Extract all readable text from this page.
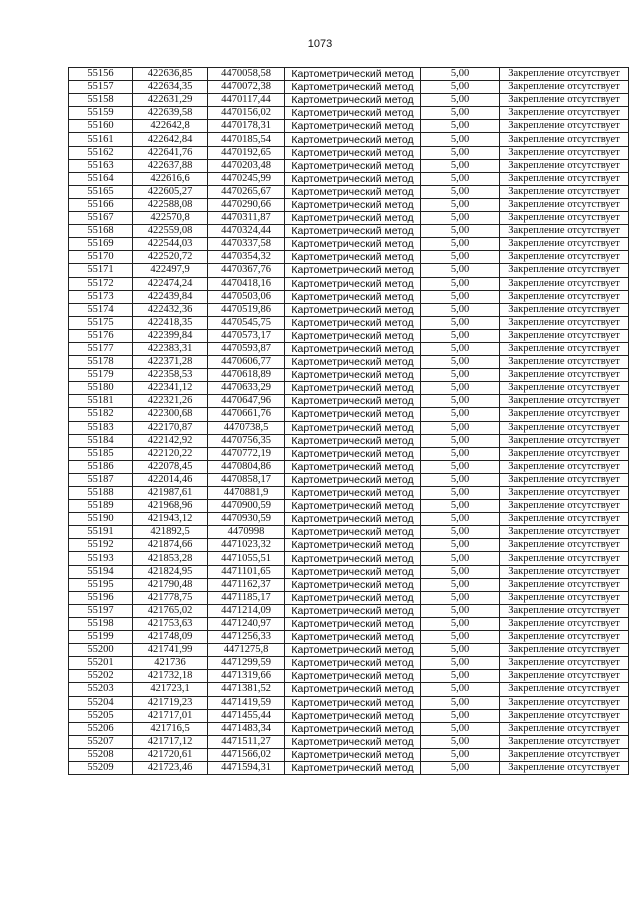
1073
55156	422636,85	4470058,58	Картометрический метод	5,00	Закрепление отсутствует
55157	422634,35	4470072,38	Картометрический метод	5,00	Закрепление отсутствует
55158	422631,29	4470117,44	Картометрический метод	5,00	Закрепление отсутствует
55159	422639,58	4470156,02	Картометрический метод	5,00	Закрепление отсутствует
55160	422642,8	4470178,31	Картометрический метод	5,00	Закрепление отсутствует
55161	422642,84	4470185,54	Картометрический метод	5,00	Закрепление отсутствует
55162	422641,76	4470192,65	Картометрический метод	5,00	Закрепление отсутствует
55163	422637,88	4470203,48	Картометрический метод	5,00	Закрепление отсутствует
55164	422616,6	4470245,99	Картометрический метод	5,00	Закрепление отсутствует
55165	422605,27	4470265,67	Картометрический метод	5,00	Закрепление отсутствует
55166	422588,08	4470290,66	Картометрический метод	5,00	Закрепление отсутствует
55167	422570,8	4470311,87	Картометрический метод	5,00	Закрепление отсутствует
55168	422559,08	4470324,44	Картометрический метод	5,00	Закрепление отсутствует
55169	422544,03	4470337,58	Картометрический метод	5,00	Закрепление отсутствует
55170	422520,72	4470354,32	Картометрический метод	5,00	Закрепление отсутствует
55171	422497,9	4470367,76	Картометрический метод	5,00	Закрепление отсутствует
55172	422474,24	4470418,16	Картометрический метод	5,00	Закрепление отсутствует
55173	422439,84	4470503,06	Картометрический метод	5,00	Закрепление отсутствует
55174	422432,36	4470519,86	Картометрический метод	5,00	Закрепление отсутствует
55175	422418,35	4470545,75	Картометрический метод	5,00	Закрепление отсутствует
55176	422399,84	4470573,17	Картометрический метод	5,00	Закрепление отсутствует
55177	422383,31	4470593,87	Картометрический метод	5,00	Закрепление отсутствует
55178	422371,28	4470606,77	Картометрический метод	5,00	Закрепление отсутствует
55179	422358,53	4470618,89	Картометрический метод	5,00	Закрепление отсутствует
55180	422341,12	4470633,29	Картометрический метод	5,00	Закрепление отсутствует
55181	422321,26	4470647,96	Картометрический метод	5,00	Закрепление отсутствует
55182	422300,68	4470661,76	Картометрический метод	5,00	Закрепление отсутствует
55183	422170,87	4470738,5	Картометрический метод	5,00	Закрепление отсутствует
55184	422142,92	4470756,35	Картометрический метод	5,00	Закрепление отсутствует
55185	422120,22	4470772,19	Картометрический метод	5,00	Закрепление отсутствует
55186	422078,45	4470804,86	Картометрический метод	5,00	Закрепление отсутствует
55187	422014,46	4470858,17	Картометрический метод	5,00	Закрепление отсутствует
55188	421987,61	4470881,9	Картометрический метод	5,00	Закрепление отсутствует
55189	421968,96	4470900,59	Картометрический метод	5,00	Закрепление отсутствует
55190	421943,12	4470930,59	Картометрический метод	5,00	Закрепление отсутствует
55191	421892,5	4470998	Картометрический метод	5,00	Закрепление отсутствует
55192	421874,66	4471023,32	Картометрический метод	5,00	Закрепление отсутствует
55193	421853,28	4471055,51	Картометрический метод	5,00	Закрепление отсутствует
55194	421824,95	4471101,65	Картометрический метод	5,00	Закрепление отсутствует
55195	421790,48	4471162,37	Картометрический метод	5,00	Закрепление отсутствует
55196	421778,75	4471185,17	Картометрический метод	5,00	Закрепление отсутствует
55197	421765,02	4471214,09	Картометрический метод	5,00	Закрепление отсутствует
55198	421753,63	4471240,97	Картометрический метод	5,00	Закрепление отсутствует
55199	421748,09	4471256,33	Картометрический метод	5,00	Закрепление отсутствует
55200	421741,99	4471275,8	Картометрический метод	5,00	Закрепление отсутствует
55201	421736	4471299,59	Картометрический метод	5,00	Закрепление отсутствует
55202	421732,18	4471319,66	Картометрический метод	5,00	Закрепление отсутствует
55203	421723,1	4471381,52	Картометрический метод	5,00	Закрепление отсутствует
55204	421719,23	4471419,59	Картометрический метод	5,00	Закрепление отсутствует
55205	421717,01	4471455,44	Картометрический метод	5,00	Закрепление отсутствует
55206	421716,5	4471483,34	Картометрический метод	5,00	Закрепление отсутствует
55207	421717,12	4471511,27	Картометрический метод	5,00	Закрепление отсутствует
55208	421720,61	4471566,02	Картометрический метод	5,00	Закрепление отсутствует
55209	421723,46	4471594,31	Картометрический метод	5,00	Закрепление отсутствует
